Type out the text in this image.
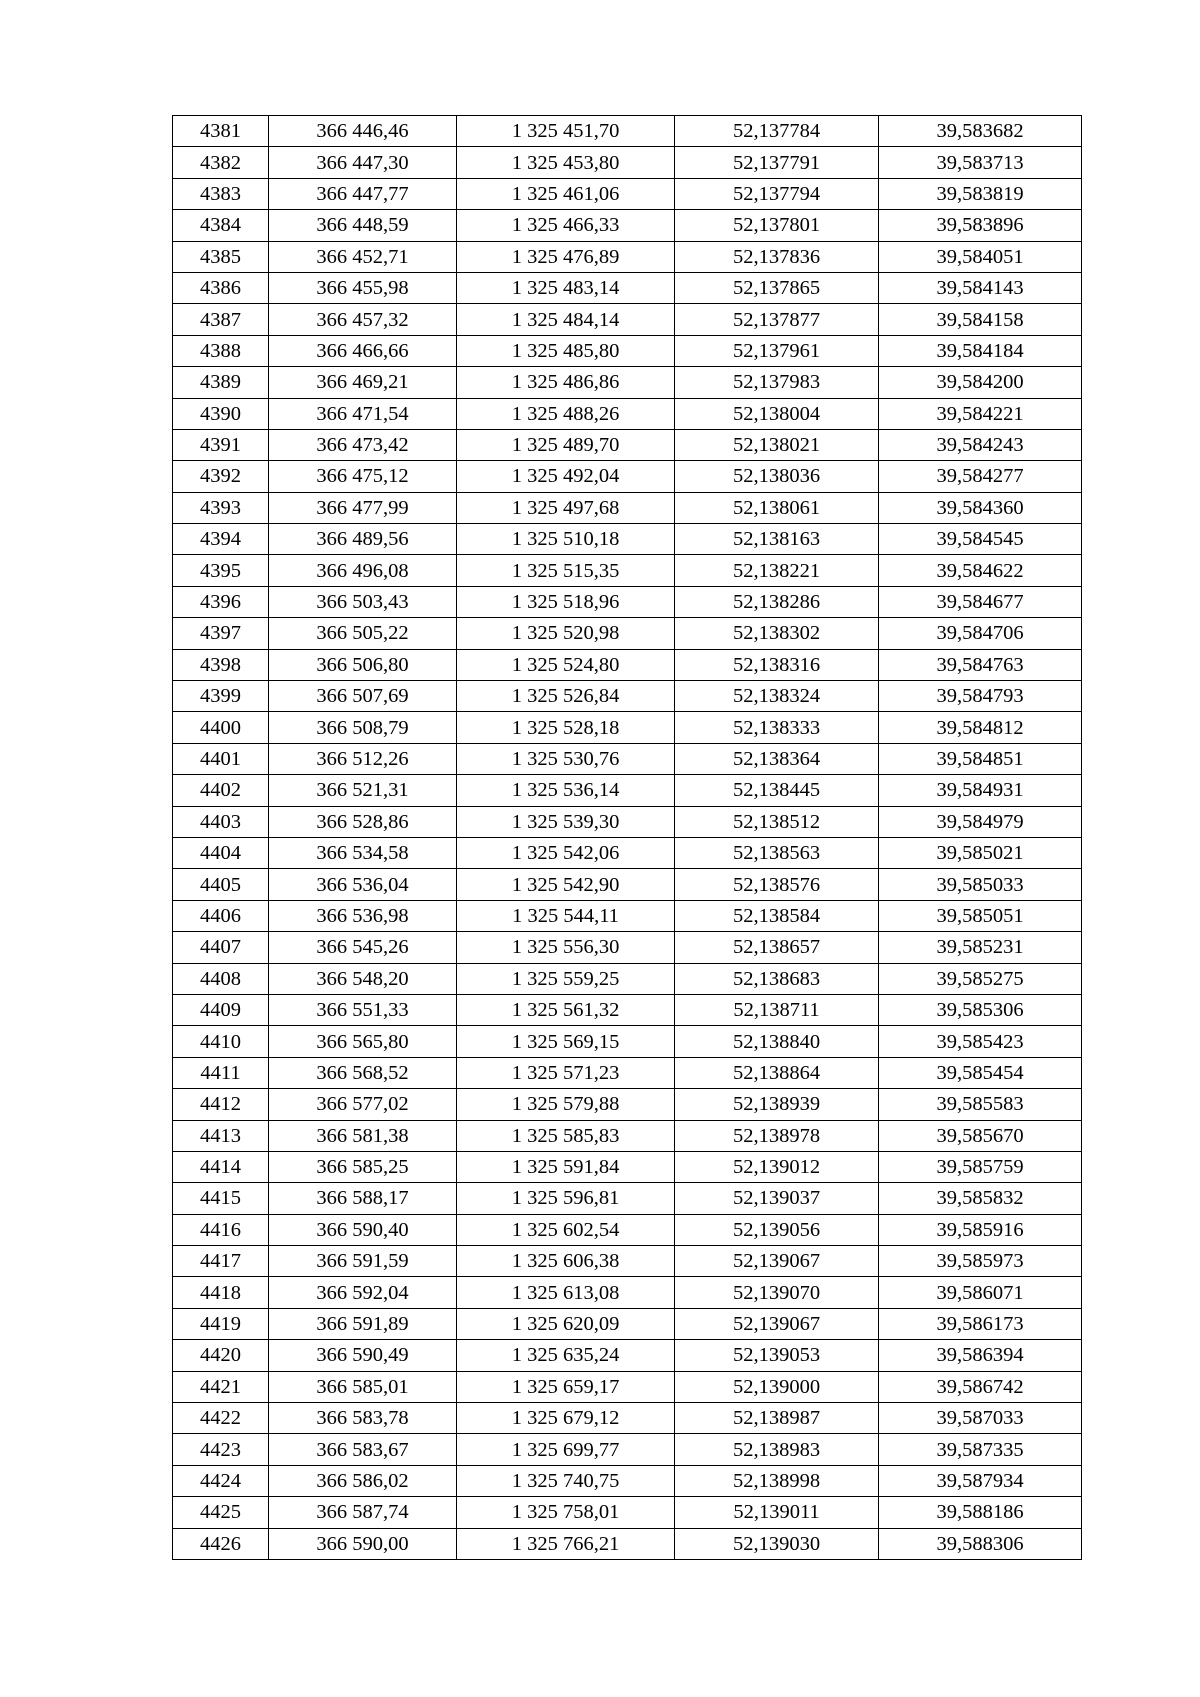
4381	366 446,46	1 325 451,70	52,137784	39,583682
4382	366 447,30	1 325 453,80	52,137791	39,583713
4383	366 447,77	1 325 461,06	52,137794	39,583819
4384	366 448,59	1 325 466,33	52,137801	39,583896
4385	366 452,71	1 325 476,89	52,137836	39,584051
4386	366 455,98	1 325 483,14	52,137865	39,584143
4387	366 457,32	1 325 484,14	52,137877	39,584158
4388	366 466,66	1 325 485,80	52,137961	39,584184
4389	366 469,21	1 325 486,86	52,137983	39,584200
4390	366 471,54	1 325 488,26	52,138004	39,584221
4391	366 473,42	1 325 489,70	52,138021	39,584243
4392	366 475,12	1 325 492,04	52,138036	39,584277
4393	366 477,99	1 325 497,68	52,138061	39,584360
4394	366 489,56	1 325 510,18	52,138163	39,584545
4395	366 496,08	1 325 515,35	52,138221	39,584622
4396	366 503,43	1 325 518,96	52,138286	39,584677
4397	366 505,22	1 325 520,98	52,138302	39,584706
4398	366 506,80	1 325 524,80	52,138316	39,584763
4399	366 507,69	1 325 526,84	52,138324	39,584793
4400	366 508,79	1 325 528,18	52,138333	39,584812
4401	366 512,26	1 325 530,76	52,138364	39,584851
4402	366 521,31	1 325 536,14	52,138445	39,584931
4403	366 528,86	1 325 539,30	52,138512	39,584979
4404	366 534,58	1 325 542,06	52,138563	39,585021
4405	366 536,04	1 325 542,90	52,138576	39,585033
4406	366 536,98	1 325 544,11	52,138584	39,585051
4407	366 545,26	1 325 556,30	52,138657	39,585231
4408	366 548,20	1 325 559,25	52,138683	39,585275
4409	366 551,33	1 325 561,32	52,138711	39,585306
4410	366 565,80	1 325 569,15	52,138840	39,585423
4411	366 568,52	1 325 571,23	52,138864	39,585454
4412	366 577,02	1 325 579,88	52,138939	39,585583
4413	366 581,38	1 325 585,83	52,138978	39,585670
4414	366 585,25	1 325 591,84	52,139012	39,585759
4415	366 588,17	1 325 596,81	52,139037	39,585832
4416	366 590,40	1 325 602,54	52,139056	39,585916
4417	366 591,59	1 325 606,38	52,139067	39,585973
4418	366 592,04	1 325 613,08	52,139070	39,586071
4419	366 591,89	1 325 620,09	52,139067	39,586173
4420	366 590,49	1 325 635,24	52,139053	39,586394
4421	366 585,01	1 325 659,17	52,139000	39,586742
4422	366 583,78	1 325 679,12	52,138987	39,587033
4423	366 583,67	1 325 699,77	52,138983	39,587335
4424	366 586,02	1 325 740,75	52,138998	39,587934
4425	366 587,74	1 325 758,01	52,139011	39,588186
4426	366 590,00	1 325 766,21	52,139030	39,588306
